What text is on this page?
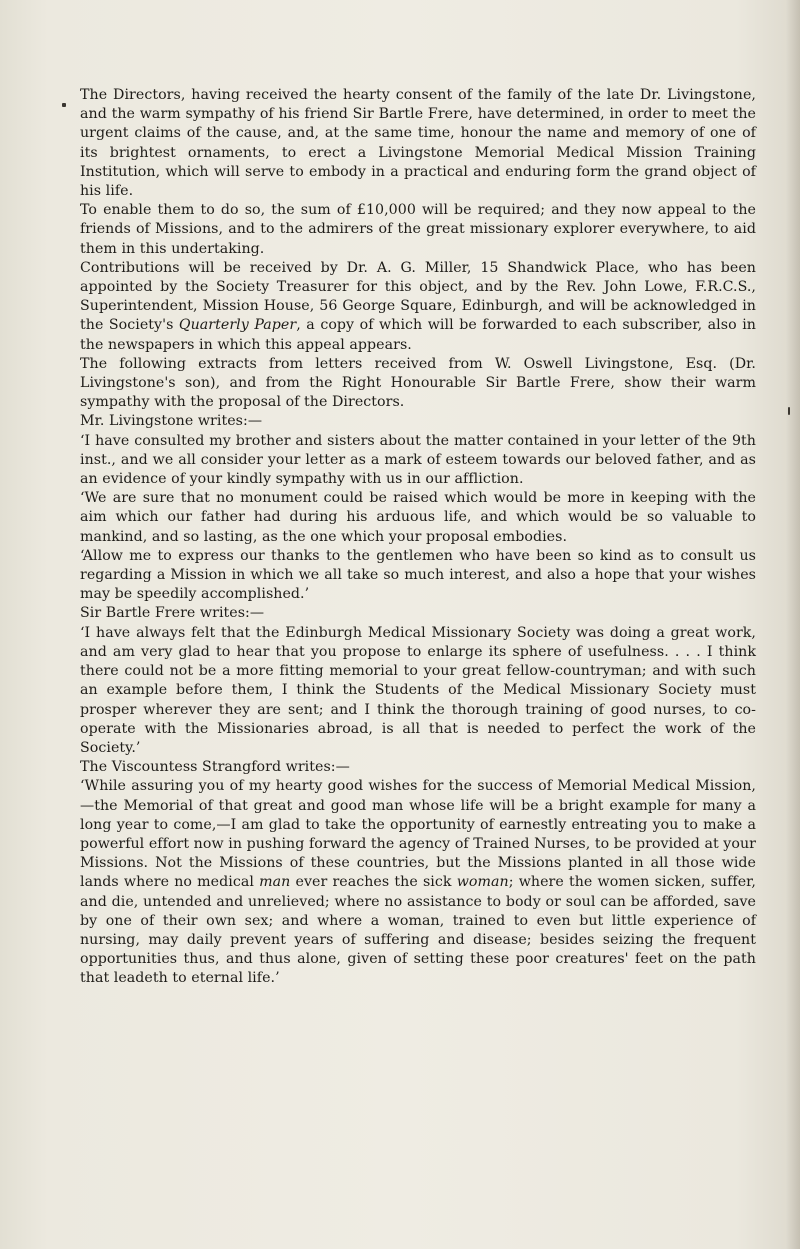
The Directors, having received the hearty consent of the family of the late Dr. Livingstone, and the warm sympathy of his friend Sir Bartle Frere, have determined, in order to meet the urgent claims of the cause, and, at the same time, honour the name and memory of one of its brightest ornaments, to erect a Livingstone Memorial Medical Mission Training Institution, which will serve to embody in a practical and enduring form the grand object of his life.

To enable them to do so, the sum of £10,000 will be required; and they now appeal to the friends of Missions, and to the admirers of the great missionary explorer everywhere, to aid them in this undertaking.

Contributions will be received by Dr. A. G. Miller, 15 Shandwick Place, who has been appointed by the Society Treasurer for this object, and by the Rev. John Lowe, F.R.C.S., Superintendent, Mission House, 56 George Square, Edinburgh, and will be acknowledged in the Society's Quarterly Paper, a copy of which will be forwarded to each subscriber, also in the newspapers in which this appeal appears.

The following extracts from letters received from W. Oswell Livingstone, Esq. (Dr. Livingstone's son), and from the Right Honourable Sir Bartle Frere, show their warm sympathy with the proposal of the Directors.

Mr. Livingstone writes:—

‘I have consulted my brother and sisters about the matter contained in your letter of the 9th inst., and we all consider your letter as a mark of esteem towards our beloved father, and as an evidence of your kindly sympathy with us in our affliction.

‘We are sure that no monument could be raised which would be more in keeping with the aim which our father had during his arduous life, and which would be so valuable to mankind, and so lasting, as the one which your proposal embodies.

‘Allow me to express our thanks to the gentlemen who have been so kind as to consult us regarding a Mission in which we all take so much interest, and also a hope that your wishes may be speedily accomplished.’

Sir Bartle Frere writes:—

‘I have always felt that the Edinburgh Medical Missionary Society was doing a great work, and am very glad to hear that you propose to enlarge its sphere of usefulness. . . . I think there could not be a more fitting memorial to your great fellow-countryman; and with such an example before them, I think the Students of the Medical Missionary Society must prosper wherever they are sent; and I think the thorough training of good nurses, to co-operate with the Missionaries abroad, is all that is needed to perfect the work of the Society.’

The Viscountess Strangford writes:—

‘While assuring you of my hearty good wishes for the success of Memorial Medical Mission,—the Memorial of that great and good man whose life will be a bright example for many a long year to come,—I am glad to take the opportunity of earnestly entreating you to make a powerful effort now in pushing forward the agency of Trained Nurses, to be provided at your Missions. Not the Missions of these countries, but the Missions planted in all those wide lands where no medical man ever reaches the sick woman; where the women sicken, suffer, and die, untended and unrelieved; where no assistance to body or soul can be afforded, save by one of their own sex; and where a woman, trained to even but little experience of nursing, may daily prevent years of suffering and disease; besides seizing the frequent opportunities thus, and thus alone, given of setting these poor creatures' feet on the path that leadeth to eternal life.’
